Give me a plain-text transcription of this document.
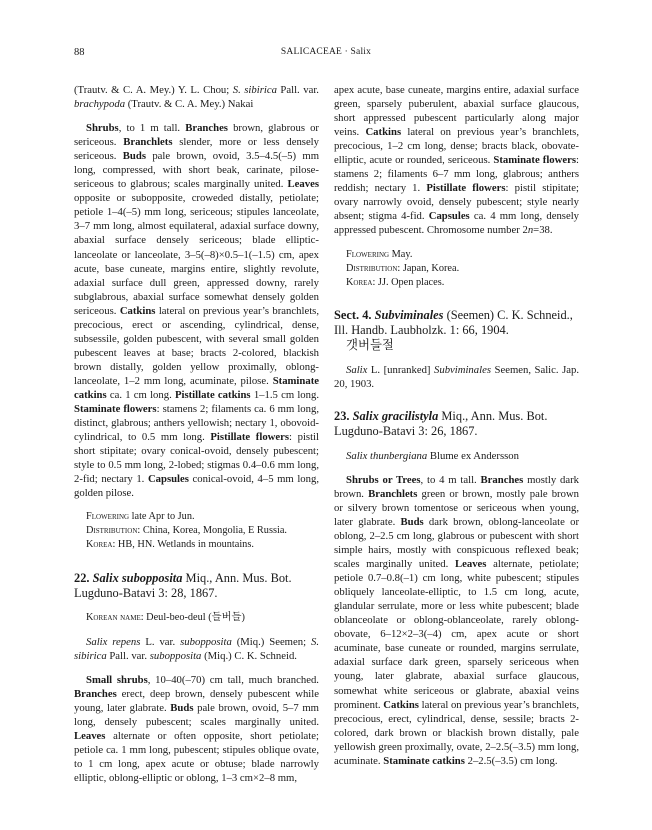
88	SALICACEAE · Salix

(Trautv. & C. A. Mey.) Y. L. Chou; S. sibirica Pall. var. brachypoda (Trautv. & C. A. Mey.) Nakai

Shrubs, to 1 m tall. Branches brown, glabrous or sericeous. Branchlets slender, more or less densely sericeous. Buds pale brown, ovoid, 3.5–4.5(–5) mm long, compressed, with short beak, carinate, pilose-sericeous to glabrous; scales marginally united. Leaves opposite or subopposite, croweded distally, petiolate; petiole 1–4(–5) mm long, sericeous; stipules lanceolate, 3–7 mm long, almost equilateral, adaxial surface downy, abaxial surface densely sericeous; blade elliptic-lanceolate or lanceolate, 3–5(–8)×0.5–1(–1.5) cm, apex acute, base cuneate, margins entire, slightly revolute, adaxial surface dull green, appressed downy, rarely subglabrous, abaxial surface somewhat densely golden sericeous. Catkins lateral on previous year’s branchlets, precocious, erect or ascending, cylindrical, dense, subsessile, golden pubescent, with several small golden pubescent leaves at base; bracts 2-colored, blackish brown distally, golden yellow proximally, oblong-lanceolate, 1–2 mm long, acuminate, pilose. Staminate catkins ca. 1 cm long. Pistillate catkins 1–1.5 cm long. Staminate flowers: stamens 2; filaments ca. 6 mm long, distinct, glabrous; anthers yellowish; nectary 1, obovoid-cylindrical, to 0.5 mm long. Pistillate flowers: pistil short stipitate; ovary conical-ovoid, densely pubescent; style to 0.5 mm long, 2-lobed; stigmas 0.4–0.6 mm long, 2-fid; nectary 1. Capsules conical-ovoid, 4–5 mm long, golden pilose.

Flowering late Apr to Jun.

Distribution: China, Korea, Mongolia, E Russia.

Korea: HB, HN. Wetlands in mountains.

22. Salix subopposita Miq., Ann. Mus. Bot. Lugduno-Batavi 3: 28, 1867.

Korean name: Deul-beo-deul (들버들)

Salix repens L. var. subopposita (Miq.) Seemen; S. sibirica Pall. var. subopposita (Miq.) C. K. Schneid.

Small shrubs, 10–40(–70) cm tall, much branched. Branches erect, deep brown, densely pubescent while young, later glabrate. Buds pale brown, ovoid, 5–7 mm long, densely pubescent; scales marginally united. Leaves alternate or often opposite, short petiolate; petiole ca. 1 mm long, pubescent; stipules oblique ovate, to 1 cm long, apex acute or obtuse; blade narrowly elliptic, oblong-elliptic or oblong, 1–3 cm×2–8 mm,

apex acute, base cuneate, margins entire, adaxial surface green, sparsely puberulent, abaxial surface glaucous, short appressed pubescent particularly along major veins. Catkins lateral on previous year’s branchlets, precocious, 1–2 cm long, dense; bracts black, obovate-elliptic, acute or rounded, sericeous. Staminate flowers: stamens 2; filaments 6–7 mm long, glabrous; anthers reddish; nectary 1. Pistillate flowers: pistil stipitate; ovary narrowly ovoid, densely pubescent; style nearly absent; stigma 4-fid. Capsules ca. 4 mm long, densely appressed pubescent. Chromosome number 2n=38.

Flowering May.

Distribution: Japan, Korea.

Korea: JJ. Open places.

Sect. 4. Subviminales (Seemen) C. K. Schneid., Ill. Handb. Laubholzk. 1: 66, 1904.

갯버들절

Salix L. [unranked] Subviminales Seemen, Salic. Jap. 20, 1903.

23. Salix gracilistyla Miq., Ann. Mus. Bot. Lugduno-Batavi 3: 26, 1867.

Salix thunbergiana Blume ex Andersson

Shrubs or Trees, to 4 m tall. Branches mostly dark brown. Branchlets green or brown, mostly pale brown or silvery brown tomentose or sericeous when young, later glabrate. Buds dark brown, oblong-lanceolate or oblong, 2–2.5 cm long, glabrous or pubescent with short simple hairs, mostly with conspicuous reflexed beak; scales marginally united. Leaves alternate, petiolate; petiole 0.7–0.8(–1) cm long, white pubescent; stipules obliquely lanceolate-elliptic, to 1.5 cm long, acute, glandular serrulate, more or less white pubescent; blade oblanceolate or oblong-oblanceolate, rarely oblong-obovate, 6–12×2–3(–4) cm, apex acute or short acuminate, base cuneate or rounded, margins serrulate, adaxial surface dark green, sparsely sericeous when young, later glabrate, abaxial surface glaucous, somewhat white sericeous or glabrate, abaxial veins prominent. Catkins lateral on previous year’s branchlets, precocious, erect, cylindrical, dense, sessile; bracts 2-colored, dark brown or blackish brown distally, pale yellowish green proximally, ovate, 2–2.5(–3.5) mm long, acuminate. Staminate catkins 2–2.5(–3.5) cm long.
